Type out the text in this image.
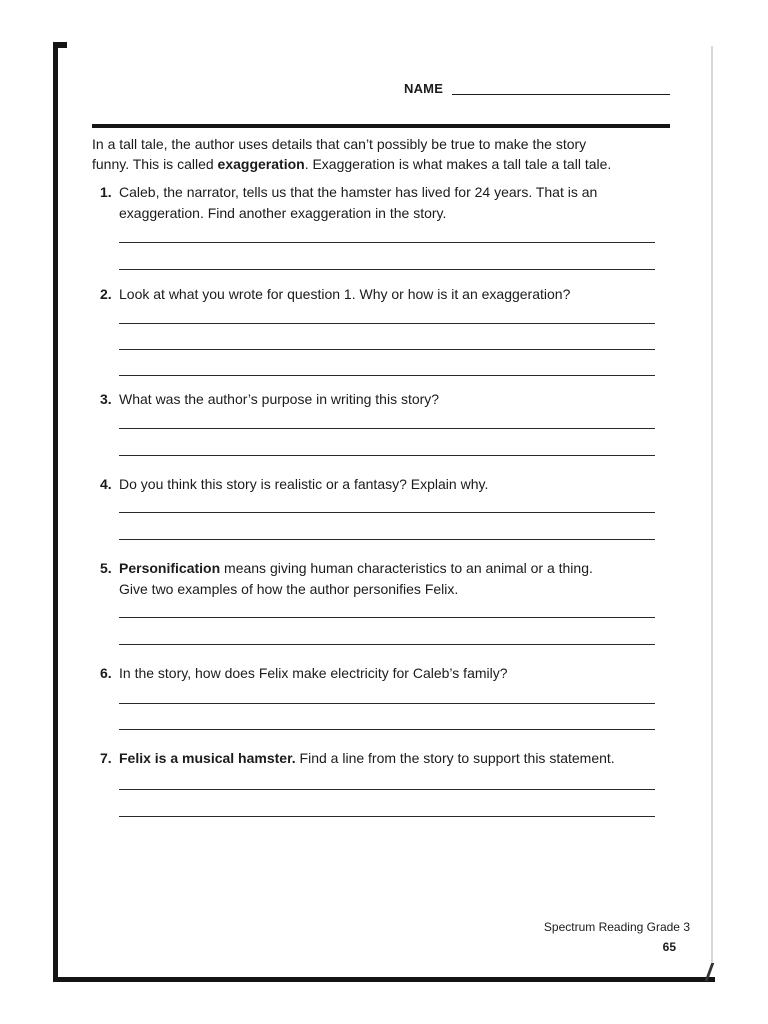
NAME
In a tall tale, the author uses details that can’t possibly be true to make the story
funny. This is called exaggeration. Exaggeration is what makes a tall tale a tall tale.
1. Caleb, the narrator, tells us that the hamster has lived for 24 years. That is an
exaggeration. Find another exaggeration in the story.
2. Look at what you wrote for question 1. Why or how is it an exaggeration?
3. What was the author’s purpose in writing this story?
4. Do you think this story is realistic or a fantasy? Explain why.
5. Personification means giving human characteristics to an animal or a thing.
Give two examples of how the author personifies Felix.
6. In the story, how does Felix make electricity for Caleb’s family?
7. Felix is a musical hamster. Find a line from the story to support this statement.
Spectrum Reading Grade 3
65
